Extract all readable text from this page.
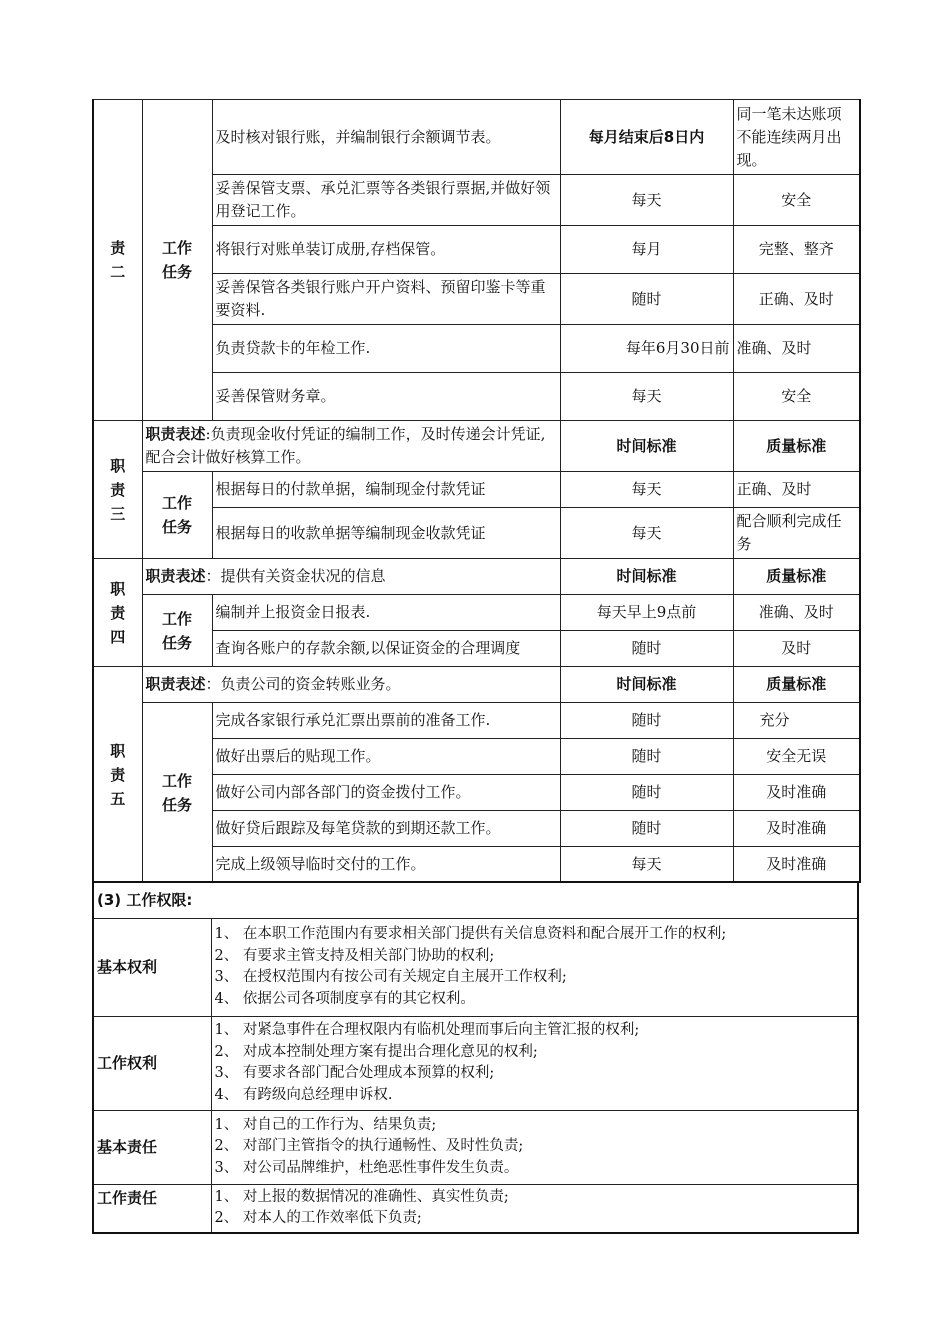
责二	工作任务	及时核对银行账，并编制银行余额调节表。	每月结束后8日内	同一笔未达账项不能连续两月出现。
		妥善保管支票、承兑汇票等各类银行票据,并做好领用登记工作。	每天	安全
		将银行对账单装订成册,存档保管。	每月	完整、整齐
		妥善保管各类银行账户开户资料、预留印鉴卡等重要资料.	随时	正确、及时
		负责贷款卡的年检工作.	每年6月30日前	准确、及时
		妥善保管财务章。	每天	安全
职责三	职责表述:负责现金收付凭证的编制工作，及时传递会计凭证,配合会计做好核算工作。		时间标准	质量标准
	工作任务	根据每日的付款单据，编制现金付款凭证	每天	正确、及时
		根据每日的收款单据等编制现金收款凭证	每天	配合顺利完成任务
职责四	职责表述：提供有关资金状况的信息		时间标准	质量标准
	工作任务	编制并上报资金日报表.	每天早上9点前	准确、及时
		查询各账户的存款余额,以保证资金的合理调度	随时	及时
职责五	职责表述：负责公司的资金转账业务。		时间标准	质量标准
	工作任务	完成各家银行承兑汇票出票前的准备工作.	随时	充分
		做好出票后的贴现工作。	随时	安全无误
		做好公司内部各部门的资金拨付工作。	随时	及时准确
		做好贷后跟踪及每笔贷款的到期还款工作。	随时	及时准确
		完成上级领导临时交付的工作。	每天	及时准确
(3) 工作权限:	
基本权利	1、 在本职工作范围内有要求相关部门提供有关信息资料和配合展开工作的权利;
2、 有要求主管支持及相关部门协助的权利;
3、 在授权范围内有按公司有关规定自主展开工作权利;
4、 依据公司各项制度享有的其它权利。

工作权利	1、 对紧急事件在合理权限内有临机处理而事后向主管汇报的权利;
2、 对成本控制处理方案有提出合理化意见的权利;
3、 有要求各部门配合处理成本预算的权利;
4、 有跨级向总经理申诉权.

基本责任	1、 对自己的工作行为、结果负责;
2、 对部门主管指令的执行通畅性、及时性负责;
3、 对公司品牌维护，杜绝恶性事件发生负责。

工作责任	1、 对上报的数据情况的准确性、真实性负责;
2、 对本人的工作效率低下负责;
